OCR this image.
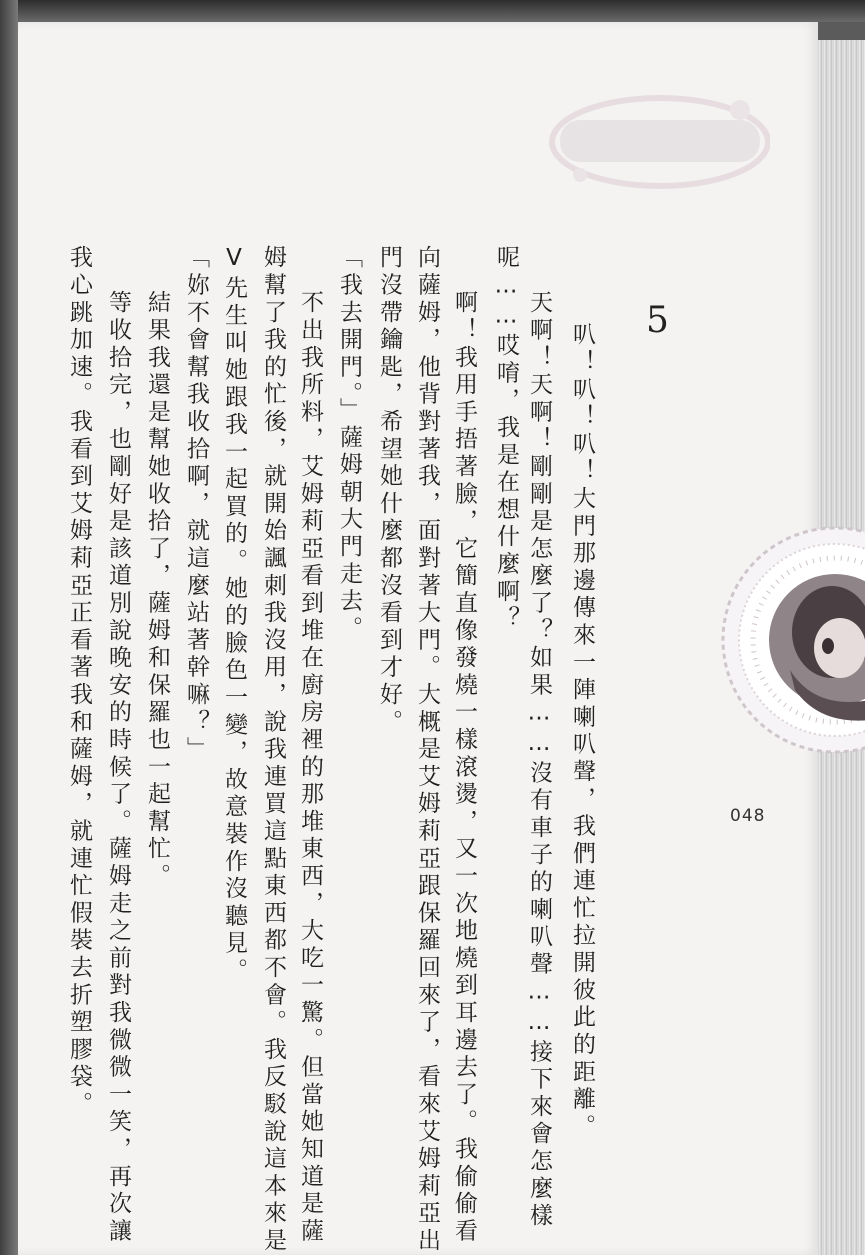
5
叭！叭！叭！大門那邊傳來一陣喇叭聲，我們連忙拉開彼此的距離。
天啊！天啊！剛剛是怎麼了？如果……沒有車子的喇叭聲……接下來會怎麼樣
呢……哎唷，我是在想什麼啊？
啊！我用手捂著臉，它簡直像發燒一樣滾燙，又一次地燒到耳邊去了。我偷偷看
向薩姆，他背對著我，面對著大門。大概是艾姆莉亞跟保羅回來了，看來艾姆莉亞出
門沒帶鑰匙，希望她什麼都沒看到才好。
「我去開門。」薩姆朝大門走去。
不出我所料，艾姆莉亞看到堆在廚房裡的那堆東西，大吃一驚。但當她知道是薩
姆幫了我的忙後，就開始諷刺我沒用，說我連買這點東西都不會。我反駁說這本來是
V先生叫她跟我一起買的。她的臉色一變，故意裝作沒聽見。
「妳不會幫我收拾啊，就這麼站著幹嘛？」
結果我還是幫她收拾了，薩姆和保羅也一起幫忙。
等收拾完，也剛好是該道別說晚安的時候了。薩姆走之前對我微微一笑，再次讓
我心跳加速。我看到艾姆莉亞正看著我和薩姆，就連忙假裝去折塑膠袋。	048
